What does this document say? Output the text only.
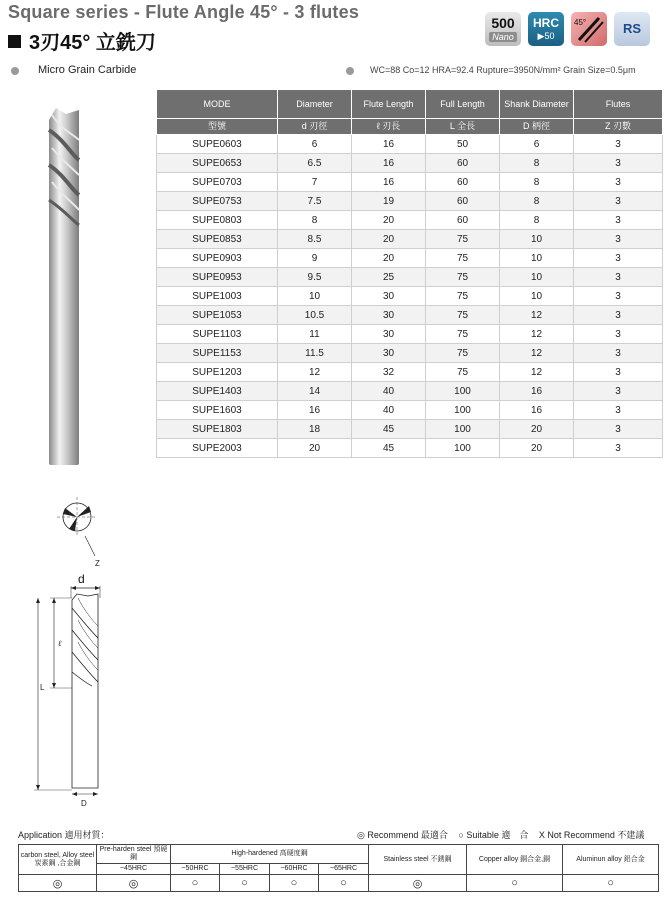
Square series - Flute Angle 45° - 3 flutes
3刃45° 立銑刀
500
Nano
HRC
▶50
45°	RS
Micro Grain Carbide	WC=88 Co=12 HRA=92.4 Rupture=3950N/mm² Grain Size=0.5μm
MODE	Diameter	Flute Length	Full Length	Shank Diameter	Flutes
型號	d 刃徑	ℓ 刃長	L 全長	D 柄徑	Z 刃數
SUPE0603	6	16	50	6	3
SUPE0653	6.5	16	60	8	3
SUPE0703	7	16	60	8	3
SUPE0753	7.5	19	60	8	3
SUPE0803	8	20	60	8	3
SUPE0853	8.5	20	75	10	3
SUPE0903	9	20	75	10	3
SUPE0953	9.5	25	75	10	3
SUPE1003	10	30	75	10	3
SUPE1053	10.5	30	75	12	3
SUPE1103	11	30	75	12	3
SUPE1153	11.5	30	75	12	3
SUPE1203	12	32	75	12	3
SUPE1403	14	40	100	16	3
SUPE1603	16	40	100	16	3
SUPE1803	18	45	100	20	3
SUPE2003	20	45	100	20	3
Z
d
ℓ
L
D
Application 適用材質：	◎ Recommend 最適合 ○ Suitable 適　合 X Not Recommend 不建議
carbon steel, Alloy steel 炭素鋼 ,合金鋼	Pre-harden steel 預硬鋼	High-hardened 高硬度鋼				Stainless steel 不銹鋼	Copper alloy 銅合金,銅	Aluminun alloy 鋁合金
	~45HRC	~50HRC	~55HRC	~60HRC	~65HRC			
◎	◎	○	○	○	○	◎	○	○
